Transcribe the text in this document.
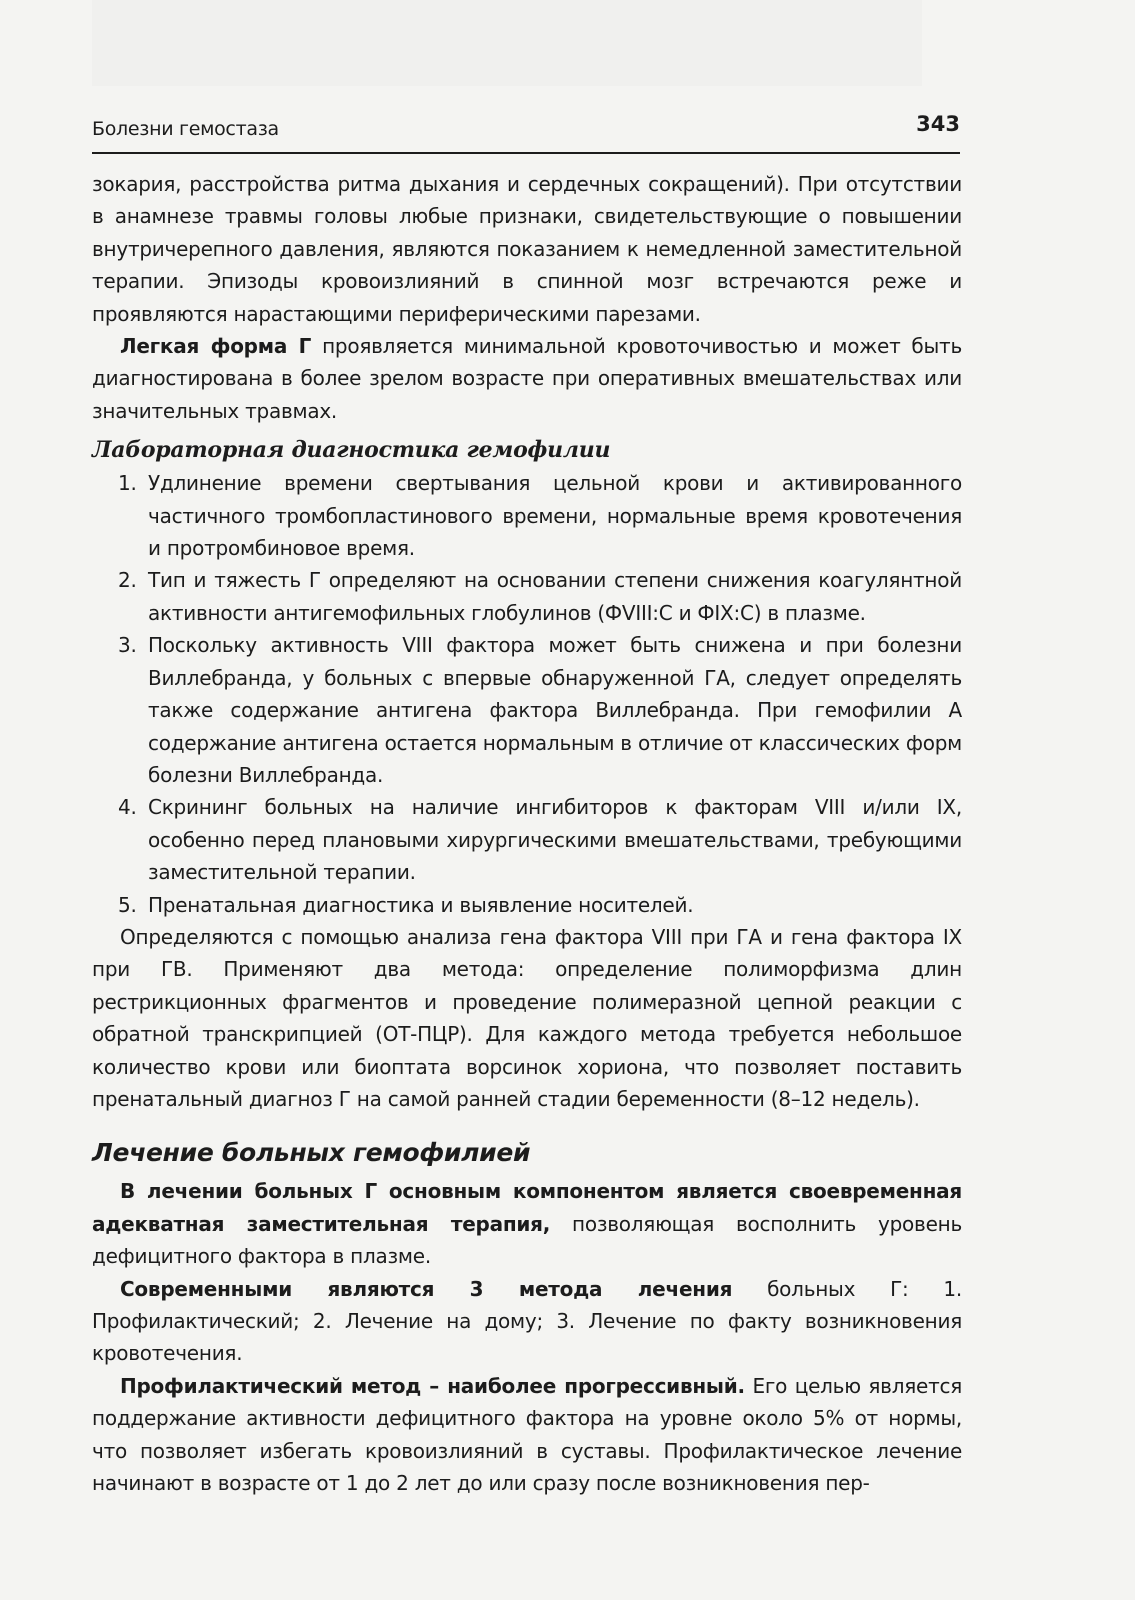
Болезни гемостаза	343

зокария, расстройства ритма дыхания и сердечных сокращений). При отсутствии в анамнезе травмы головы любые признаки, свидетельствующие о повышении внутричерепного давления, являются показанием к немедленной заместительной терапии. Эпизоды кровоизлияний в спинной мозг встречаются реже и проявляются нарастающими периферическими парезами.

Легкая форма Г проявляется минимальной кровоточивостью и может быть диагностирована в более зрелом возрасте при оперативных вмешательствах или значительных травмах.

Лабораторная диагностика гемофилии
1. Удлинение времени свертывания цельной крови и активированного частичного тромбопластинового времени, нормальные время кровотечения и протромбиновое время.
2. Тип и тяжесть Г определяют на основании степени снижения коагулянтной активности антигемофильных глобулинов (ФVIII:С и ФIX:С) в плазме.
3. Поскольку активность VIII фактора может быть снижена и при болезни Виллебранда, у больных с впервые обнаруженной ГА, следует определять также содержание антигена фактора Виллебранда. При гемофилии А содержание антигена остается нормальным в отличие от классических форм болезни Виллебранда.
4. Скрининг больных на наличие ингибиторов к факторам VIII и/или IX, особенно перед плановыми хирургическими вмешательствами, требующими заместительной терапии.
5. Пренатальная диагностика и выявление носителей.

Определяются с помощью анализа гена фактора VIII при ГА и гена фактора IX при ГВ. Применяют два метода: определение полиморфизма длин рестрикционных фрагментов и проведение полимеразной цепной реакции с обратной транскрипцией (ОТ-ПЦР). Для каждого метода требуется небольшое количество крови или биоптата ворсинок хориона, что позволяет поставить пренатальный диагноз Г на самой ранней стадии беременности (8–12 недель).

Лечение больных гемофилией

В лечении больных Г основным компонентом является своевременная адекватная заместительная терапия, позволяющая восполнить уровень дефицитного фактора в плазме.

Современными являются 3 метода лечения больных Г: 1. Профилактический; 2. Лечение на дому; 3. Лечение по факту возникновения кровотечения.

Профилактический метод – наиболее прогрессивный. Его целью является поддержание активности дефицитного фактора на уровне около 5% от нормы, что позволяет избегать кровоизлияний в суставы. Профилактическое лечение начинают в возрасте от 1 до 2 лет до или сразу после возникновения пер-
